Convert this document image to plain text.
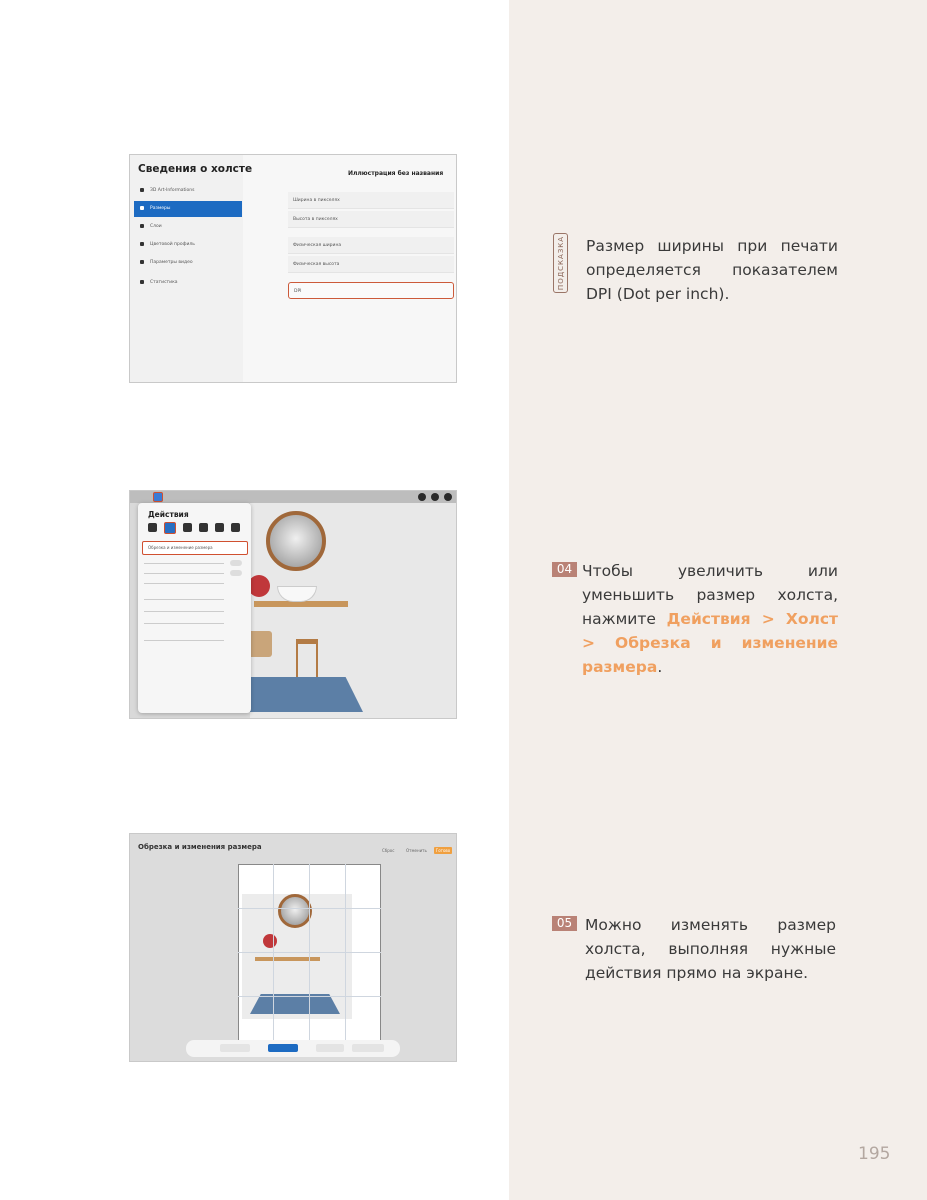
Сведения о холсте
ЗD Art-Informations
Размеры
Слои
Цветовой профиль
Параметры видео
Статистика
Иллюстрация без названия
Ширина в пикселях
Высота в пикселях
Физическая ширина
Физическая высота
DPI
Действия
Обрезка и изменение размера
Обрезка и изменения размера	Сброс	Отменить	Готово
ПОДСКАЗКА Размер ширины при печати определяется показателем DPI (Dot per inch).
04 Чтобы увеличить или уменьшить размер холста, нажмите Действия > Холст > Обрезка и изменение размера.
05 Можно изменять размер холста, выполняя нужные действия прямо на экране.
195
